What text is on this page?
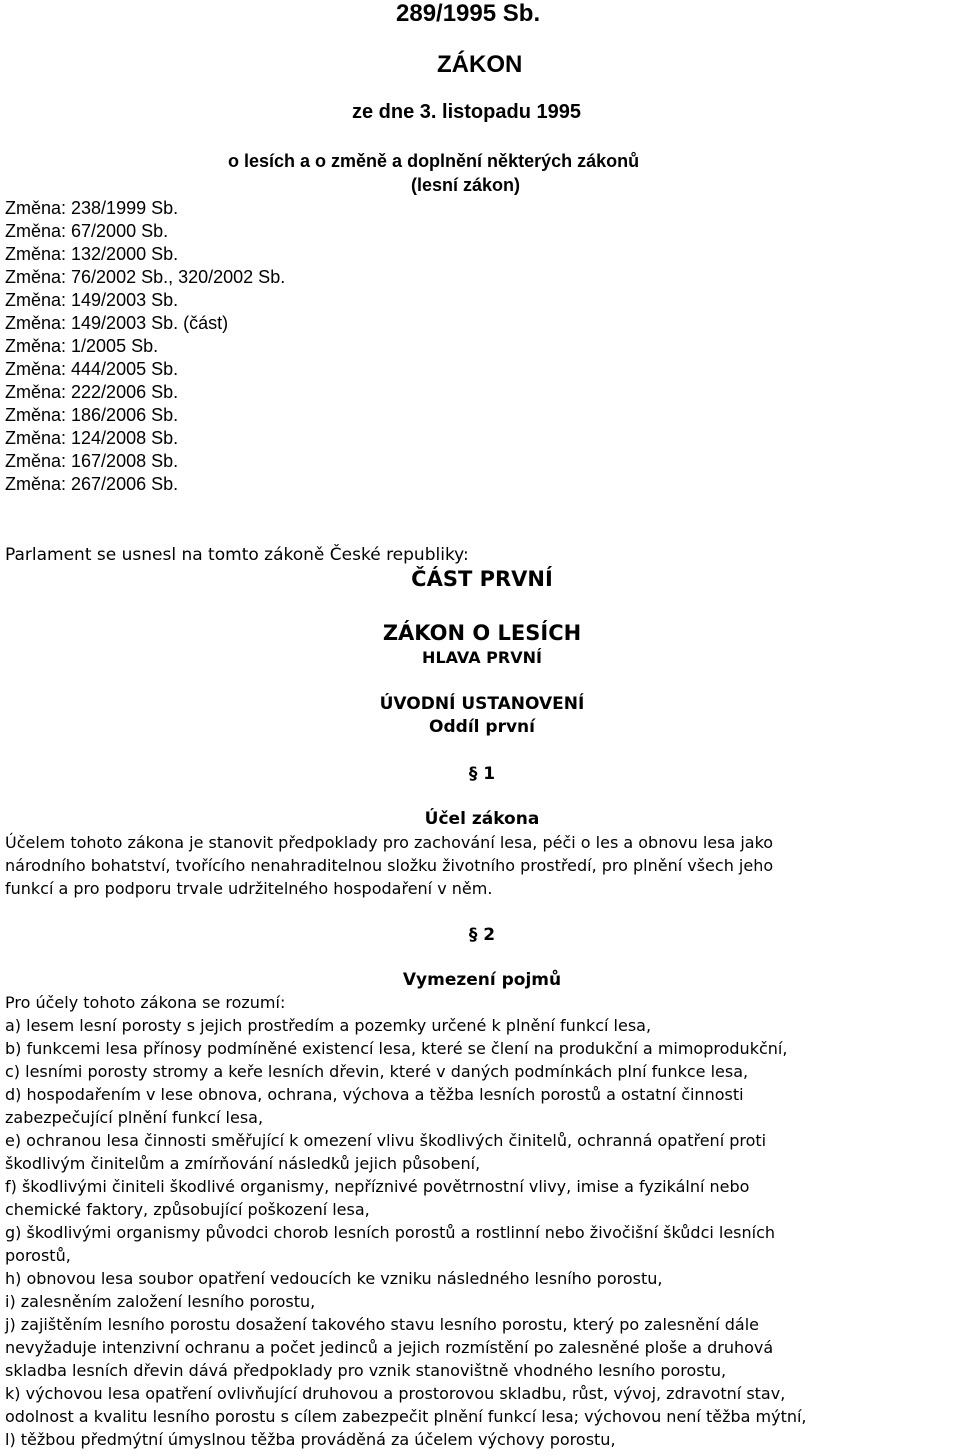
289/1995 Sb.
ZÁKON
ze dne 3. listopadu 1995
o lesích a o změně a doplnění některých zákonů
(lesní zákon)
Změna: 238/1999 Sb.
Změna: 67/2000 Sb.
Změna: 132/2000 Sb.
Změna: 76/2002 Sb., 320/2002 Sb.
Změna: 149/2003 Sb.
Změna: 149/2003 Sb. (část)
Změna: 1/2005 Sb.
Změna: 444/2005 Sb.
Změna: 222/2006 Sb.
Změna: 186/2006 Sb.
Změna: 124/2008 Sb.
Změna: 167/2008 Sb.
Změna: 267/2006 Sb.
Parlament se usnesl na tomto zákoně České republiky:
ČÁST PRVNÍ
ZÁKON O LESÍCH
HLAVA PRVNÍ
ÚVODNÍ USTANOVENÍ
Oddíl první
§ 1
Účel zákona
Účelem tohoto zákona je stanovit předpoklady pro zachování lesa, péči o les a obnovu lesa jako
národního bohatství, tvořícího nenahraditelnou složku životního prostředí, pro plnění všech jeho
funkcí a pro podporu trvale udržitelného hospodaření v něm.
§ 2
Vymezení pojmů
Pro účely tohoto zákona se rozumí:
a) lesem lesní porosty s jejich prostředím a pozemky určené k plnění funkcí lesa,
b) funkcemi lesa přínosy podmíněné existencí lesa, které se člení na produkční a mimoprodukční,
c) lesními porosty stromy a keře lesních dřevin, které v daných podmínkách plní funkce lesa,
d) hospodařením v lese obnova, ochrana, výchova a těžba lesních porostů a ostatní činnosti
zabezpečující plnění funkcí lesa,
e) ochranou lesa činnosti směřující k omezení vlivu škodlivých činitelů, ochranná opatření proti
škodlivým činitelům a zmírňování následků jejich působení,
f) škodlivými činiteli škodlivé organismy, nepříznivé povětrnostní vlivy, imise a fyzikální nebo
chemické faktory, způsobující poškození lesa,
g) škodlivými organismy původci chorob lesních porostů a rostlinní nebo živočišní škůdci lesních
porostů,
h) obnovou lesa soubor opatření vedoucích ke vzniku následného lesního porostu,
i) zalesněním založení lesního porostu,
j) zajištěním lesního porostu dosažení takového stavu lesního porostu, který po zalesnění dále
nevyžaduje intenzivní ochranu a počet jedinců a jejich rozmístění po zalesněné ploše a druhová
skladba lesních dřevin dává předpoklady pro vznik stanovištně vhodného lesního porostu,
k) výchovou lesa opatření ovlivňující druhovou a prostorovou skladbu, růst, vývoj, zdravotní stav,
odolnost a kvalitu lesního porostu s cílem zabezpečit plnění funkcí lesa; výchovou není těžba mýtní,
l) těžbou předmýtní úmyslnou těžba prováděná za účelem výchovy porostu,
